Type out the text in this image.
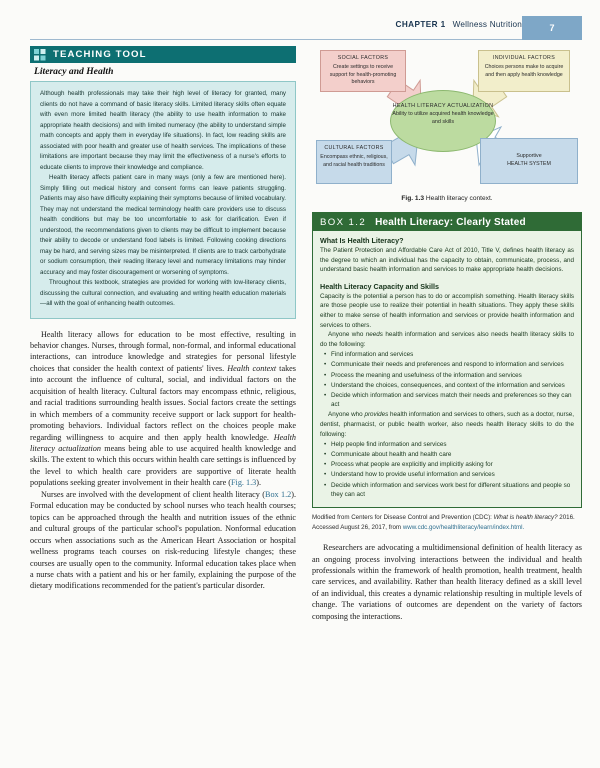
CHAPTER 1 Wellness Nutrition	7
TEACHING TOOL
Literacy and Health

Although health professionals may take their high level of literacy for granted, many clients do not have a command of basic literacy skills. Limited literacy skills often equate with even more limited health literacy (the ability to use health information to make appropriate health decisions) and with limited numeracy (the ability to understand simple math concepts and apply them in everyday life situations). In fact, low reading skills are associated with poor health and greater use of health services. The implications of these limitations are important because they may limit the effectiveness of a nurse's efforts to educate clients to improve their knowledge and compliance.

Health literacy affects patient care in many ways (only a few are mentioned here). Simply filling out medical history and consent forms can leave patients struggling. Patients may also have difficulty explaining their symptoms because of limited vocabulary. They may not understand the medical terminology health care providers use to discuss health conditions but may be too uncomfortable to ask for clarification. Even if understood, the recommendations given to clients may be difficult to implement because their ability to decode or understand food labels is limited. Following cooking directions may be hard, and serving sizes may be misinterpreted. If clients are to track carbohydrate or sodium consumption, their reading literacy level and numeracy limitations may hinder accuracy and may foster discouragement or worsening of symptoms.

Throughout this textbook, strategies are provided for working with low-literacy clients, discussing the cultural connection, and evaluating and writing health education materials—all with the goal of enhancing health outcomes.

Health literacy allows for education to be most effective, resulting in behavior changes. Nurses, through formal, non-formal, and informal educational interactions, can introduce knowledge and strategies for personal lifestyle choices that consider the health context of patients' lives. Health context takes into account the influence of cultural, social, and individual factors on the acquisition of health literacy. Cultural factors may encompass ethnic, religious, and racial traditions surrounding health issues. Social factors create the settings in which members of a community receive support or lack support for health-promoting behaviors. Individual factors reflect on the choices people make regarding willingness to acquire and then apply health knowledge. Health literacy actualization means being able to use acquired health knowledge and skills. The extent to which this occurs within health care settings is influenced by the level to which health care providers are supportive of literate health populations seeking greater involvement in their health care (Fig. 1.3).

Nurses are involved with the development of client health literacy (Box 1.2). Formal education may be conducted by school nurses who teach health courses; topics can be approached through the health and nutrition issues of the ethnic and cultural groups of the particular school's population. Nonformal education occurs when associations such as the American Heart Association or hospital wellness programs teach courses on risk-reducing lifestyle changes; these courses are usually open to the community. Informal education takes place when a nurse chats with a patient and his or her family, explaining the purpose of the dietary modifications recommended for the patient's particular disorder.

SOCIAL FACTORS
Create settings to receive support for health-promoting behaviors
INDIVIDUAL FACTORS
Choices persons make to acquire and then apply health knowledge
HEALTH LITERACY ACTUALIZATION
Ability to utilize acquired health knowledge and skills
CULTURAL FACTORS
Encompass ethnic, religious, and racial health traditions
Supportive
HEALTH SYSTEM
Fig. 1.3 Health literacy context.
BOX 1.2 Health Literacy: Clearly Stated
What Is Health Literacy?

The Patient Protection and Affordable Care Act of 2010, Title V, defines health literacy as the degree to which an individual has the capacity to obtain, communicate, process, and understand basic health information and services to make appropriate health decisions.

Health Literacy Capacity and Skills

Capacity is the potential a person has to do or accomplish something. Health literacy skills are those people use to realize their potential in health situations. They apply these skills either to make sense of health information and services or provide health information and services to others.

Anyone who needs health information and services also needs health literacy skills to do the following:

• Find information and services
• Communicate their needs and preferences and respond to information and services
• Process the meaning and usefulness of the information and services
• Understand the choices, consequences, and context of the information and services
• Decide which information and services match their needs and preferences so they can act

Anyone who provides health information and services to others, such as a doctor, nurse, dentist, pharmacist, or public health worker, also needs health literacy skills to do the following:

• Help people find information and services
• Communicate about health and health care
• Process what people are explicitly and implicitly asking for
• Understand how to provide useful information and services
• Decide which information and services work best for different situations and people so they can act
Modified from Centers for Disease Control and Prevention (CDC): What is health literacy? 2016. Accessed August 26, 2017, from www.cdc.gov/healthliteracy/learn/index.html.

Researchers are advocating a multidimensional definition of health literacy as an ongoing process involving interactions between the individual and health professionals within the framework of health promotion, health treatment, health care services, and availability. Rather than health literacy defined as a skill level of an individual, this creates a dynamic relationship resulting in multiple levels of change. The variations of outcomes are dependent on the variety of factors composing the interactions.
